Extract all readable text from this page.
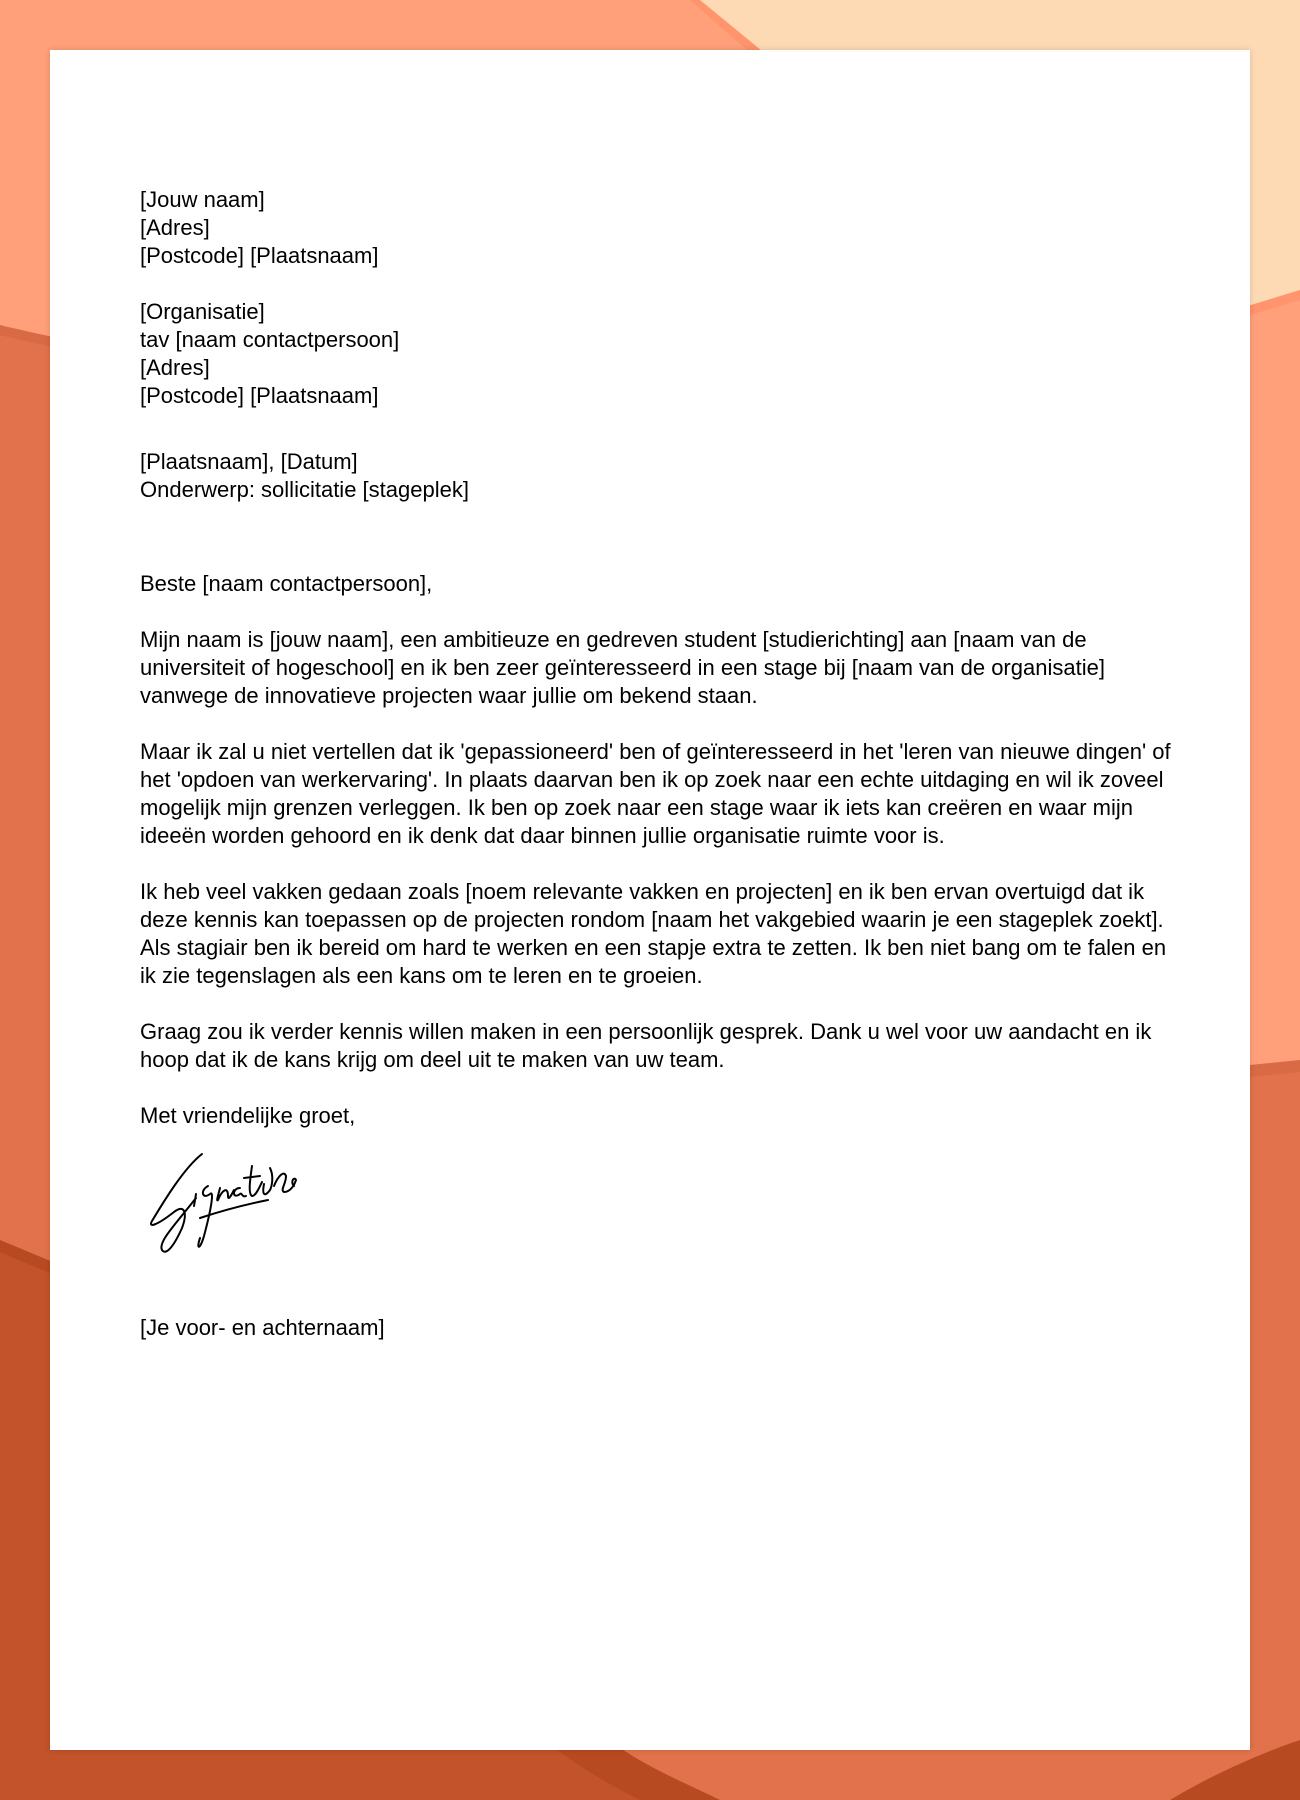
[Jouw naam]
[Adres]
[Postcode] [Plaatsnaam]
[Organisatie]
tav [naam contactpersoon]
[Adres]
[Postcode] [Plaatsnaam]
[Plaatsnaam], [Datum]
Onderwerp: sollicitatie [stageplek]

Beste [naam contactpersoon],

Mijn naam is [jouw naam], een ambitieuze en gedreven student [studierichting] aan [naam van de universiteit of hogeschool] en ik ben zeer geïnteresseerd in een stage bij [naam van de organisatie] vanwege de innovatieve projecten waar jullie om bekend staan.

Maar ik zal u niet vertellen dat ik 'gepassioneerd' ben of geïnteresseerd in het 'leren van nieuwe dingen' of het 'opdoen van werkervaring'. In plaats daarvan ben ik op zoek naar een echte uitdaging en wil ik zoveel mogelijk mijn grenzen verleggen. Ik ben op zoek naar een stage waar ik iets kan creëren en waar mijn ideeën worden gehoord en ik denk dat daar binnen jullie organisatie ruimte voor is.

Ik heb veel vakken gedaan zoals [noem relevante vakken en projecten] en ik ben ervan overtuigd dat ik deze kennis kan toepassen op de projecten rondom [naam het vakgebied waarin je een stageplek zoekt]. Als stagiair ben ik bereid om hard te werken en een stapje extra te zetten. Ik ben niet bang om te falen en ik zie tegenslagen als een kans om te leren en te groeien.

Graag zou ik verder kennis willen maken in een persoonlijk gesprek. Dank u wel voor uw aandacht en ik hoop dat ik de kans krijg om deel uit te maken van uw team.

Met vriendelijke groet,

[Je voor- en achternaam]
